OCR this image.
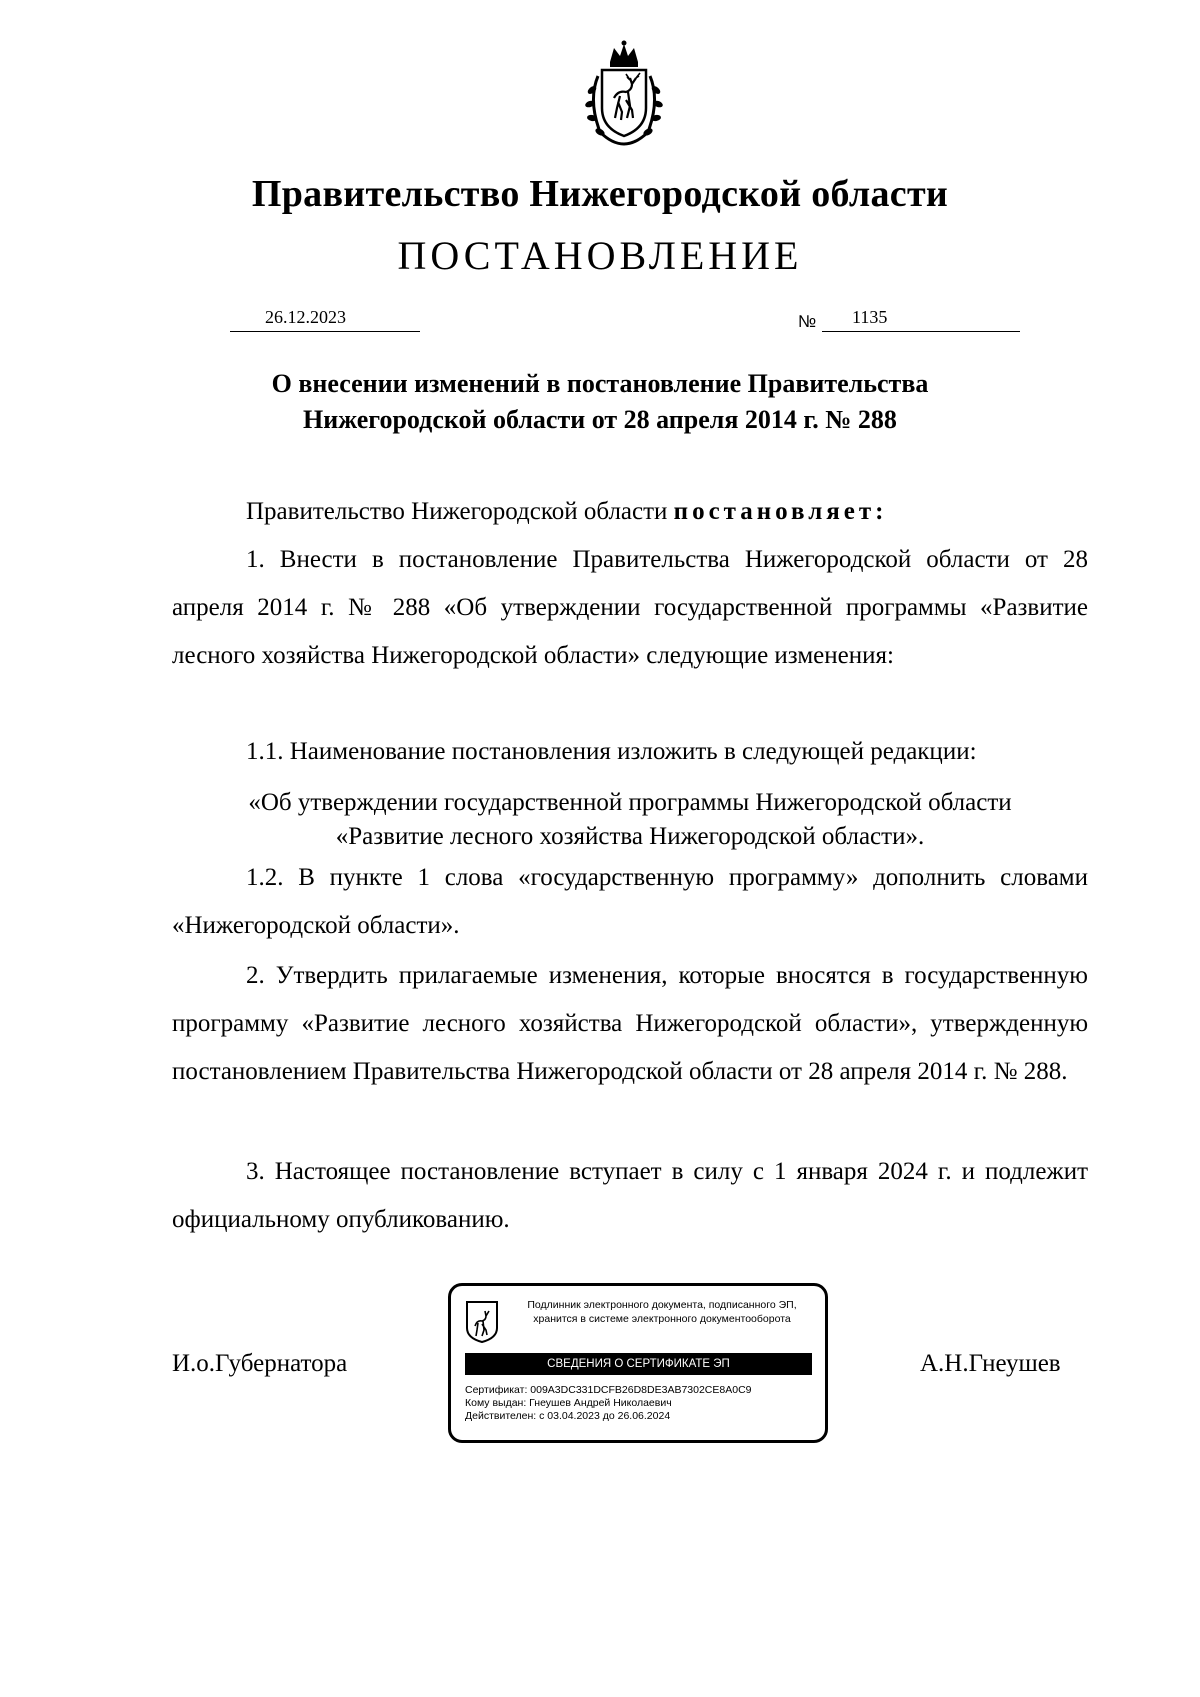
Правительство Нижегородской области
ПОСТАНОВЛЕНИЕ
26.12.2023	№	1135
О внесении изменений в постановление Правительства
Нижегородской области от 28 апреля 2014 г. № 288
Правительство Нижегородской области постановляет:
1. Внести в постановление Правительства Нижегородской области от 28 апреля 2014 г. № 288 «Об утверждении государственной программы «Развитие лесного хозяйства Нижегородской области» следующие изменения:
1.1. Наименование постановления изложить в следующей редакции:
«Об утверждении государственной программы Нижегородской области
«Развитие лесного хозяйства Нижегородской области».
1.2. В пункте 1 слова «государственную программу» дополнить словами «Нижегородской области».
2. Утвердить прилагаемые изменения, которые вносятся в государственную программу «Развитие лесного хозяйства Нижегородской области», утвержденную постановлением Правительства Нижегородской области от 28 апреля 2014 г. № 288.
3. Настоящее постановление вступает в силу с 1 января 2024 г. и подлежит официальному опубликованию.
И.о.Губернатора	А.Н.Гнеушев
Подлинник электронного документа, подписанного ЭП,
хранится в системе электронного документооборота
СВЕДЕНИЯ О СЕРТИФИКАТЕ ЭП
Сертификат: 009A3DC331DCFB26D8DE3AB7302CE8A0C9
Кому выдан: Гнеушев Андрей Николаевич
Действителен: с 03.04.2023 до 26.06.2024
